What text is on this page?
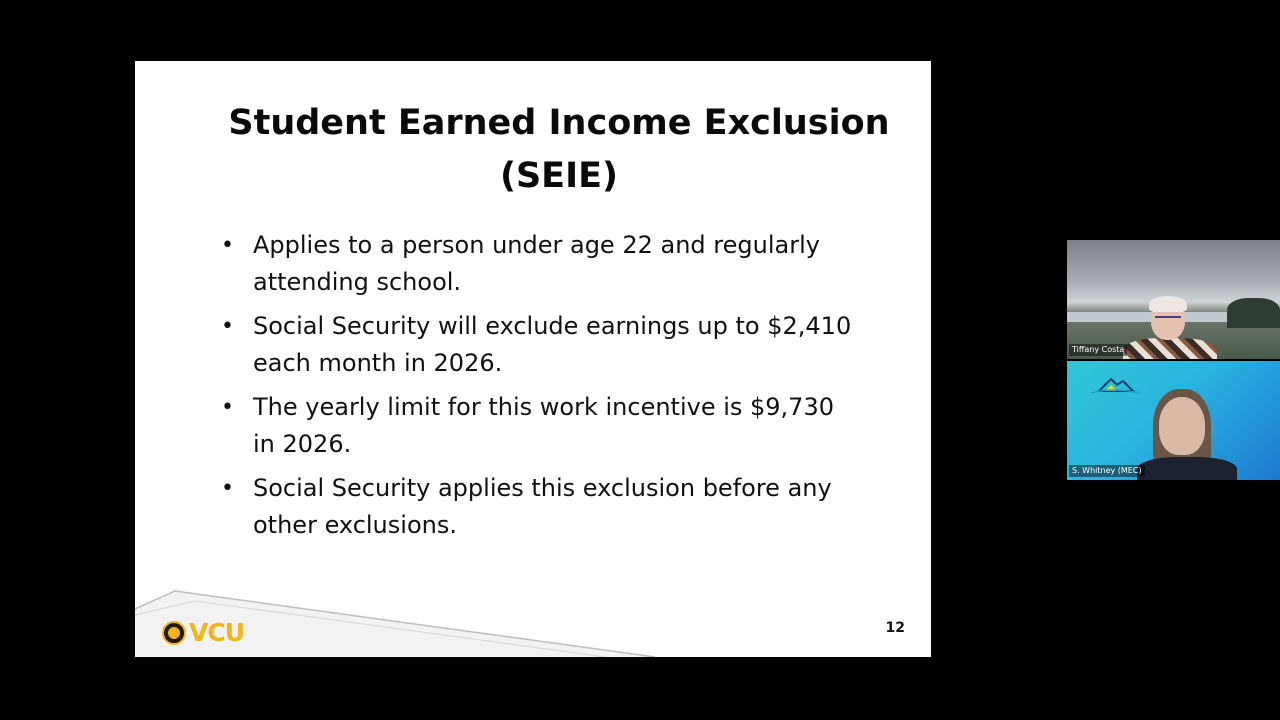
Student Earned Income Exclusion
(SEIE)
• Applies to a person under age 22 and regularly
attending school.
• Social Security will exclude earnings up to $2,410
each month in 2026.
• The yearly limit for this work incentive is $9,730
in 2026.
• Social Security applies this exclusion before any
other exclusions.
VCU	12
Tiffany Costa
S. Whitney (MEC)
